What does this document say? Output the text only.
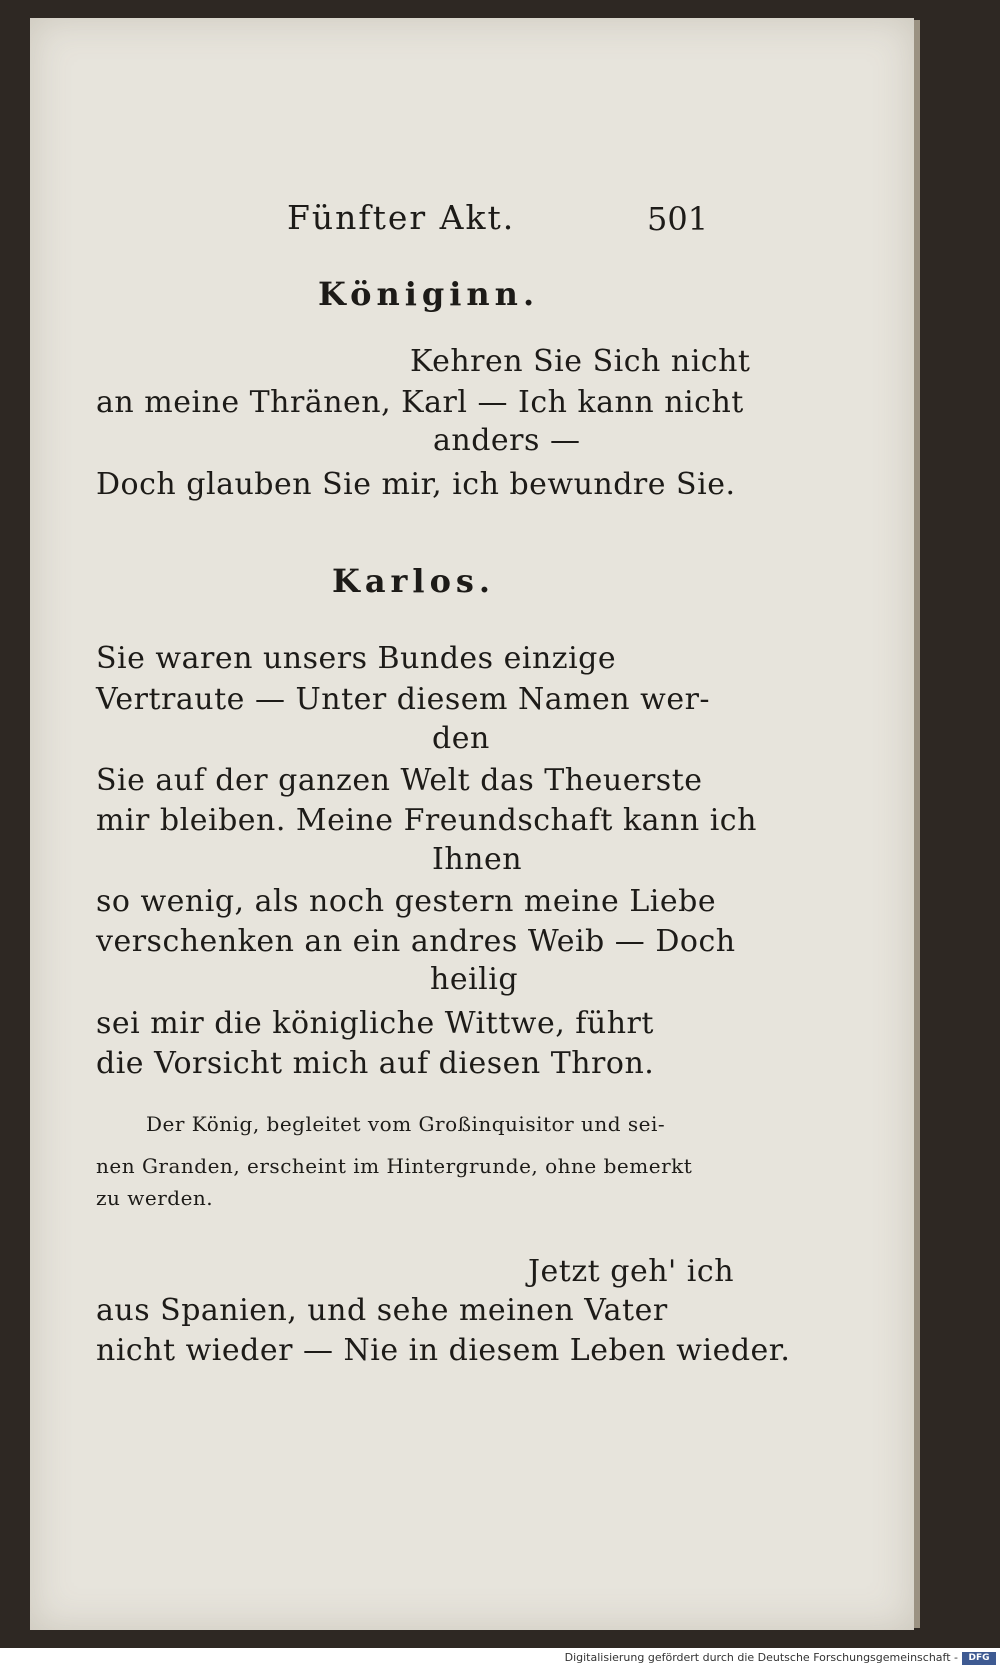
Fünfter Akt.	501
Königinn.
Kehren Sie Sich nicht
an meine Thränen, Karl — Ich kann nicht
anders —
Doch glauben Sie mir, ich bewundre Sie.
Karlos.
Sie waren unsers Bundes einzige
Vertraute — Unter diesem Namen wer-
den
Sie auf der ganzen Welt das Theuerste
mir bleiben. Meine Freundschaft kann ich
Ihnen
so wenig, als noch gestern meine Liebe
verschenken an ein andres Weib — Doch
heilig
sei mir die königliche Wittwe, führt
die Vorsicht mich auf diesen Thron.
Der König, begleitet vom Großinquisitor und sei-
nen Granden, erscheint im Hintergrunde, ohne bemerkt
zu werden.
Jetzt geh' ich
aus Spanien, und sehe meinen Vater
nicht wieder — Nie in diesem Leben wieder.
Digitalisierung gefördert durch die Deutsche Forschungsgemeinschaft -	DFG
